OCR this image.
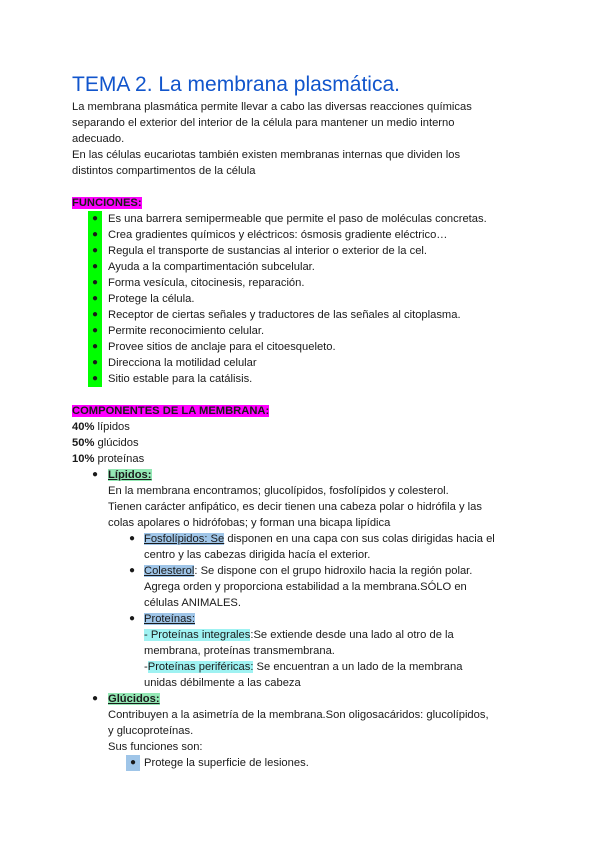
TEMA 2. La membrana plasmática.
La membrana plasmática permite llevar a cabo las diversas reacciones químicas
separando el exterior del interior de la célula para mantener un medio interno
adecuado.
En las células eucariotas también existen membranas internas que dividen los
distintos compartimentos de la célula
FUNCIONES:
● Es una barrera semipermeable que permite el paso de moléculas concretas.
● Crea gradientes químicos y eléctricos: ósmosis gradiente eléctrico…
● Regula el transporte de sustancias al interior o exterior de la cel.
● Ayuda a la compartimentación subcelular.
● Forma vesícula, citocinesis, reparación.
● Protege la célula.
● Receptor de ciertas señales y traductores de las señales al citoplasma.
● Permite reconocimiento celular.
● Provee sitios de anclaje para el citoesqueleto.
● Direcciona la motilidad celular
● Sitio estable para la catálisis.
COMPONENTES DE LA MEMBRANA:
40% lípidos
50% glúcidos
10% proteínas
● Lípidos:
En la membrana encontramos; glucolípidos, fosfolípidos y colesterol.
Tienen carácter anfipático, es decir tienen una cabeza polar o hidrófila y las
colas apolares o hidrófobas; y forman una bicapa lipídica
● Fosfolípidos: Se disponen en una capa con sus colas dirigidas hacia el
centro y las cabezas dirigida hacía el exterior.
● Colesterol: Se dispone con el grupo hidroxilo hacia la región polar.
Agrega orden y proporciona estabilidad a la membrana.SÓLO en
células ANIMALES.
● Proteínas:
- Proteínas integrales:Se extiende desde una lado al otro de la
membrana, proteínas transmembrana.
-Proteínas periféricas: Se encuentran a un lado de la membrana
unidas débilmente a las cabeza
● Glúcidos:
Contribuyen a la asimetría de la membrana.Son oligosacáridos: glucolípidos,
y glucoproteínas.
Sus funciones son:
● Protege la superficie de lesiones.
